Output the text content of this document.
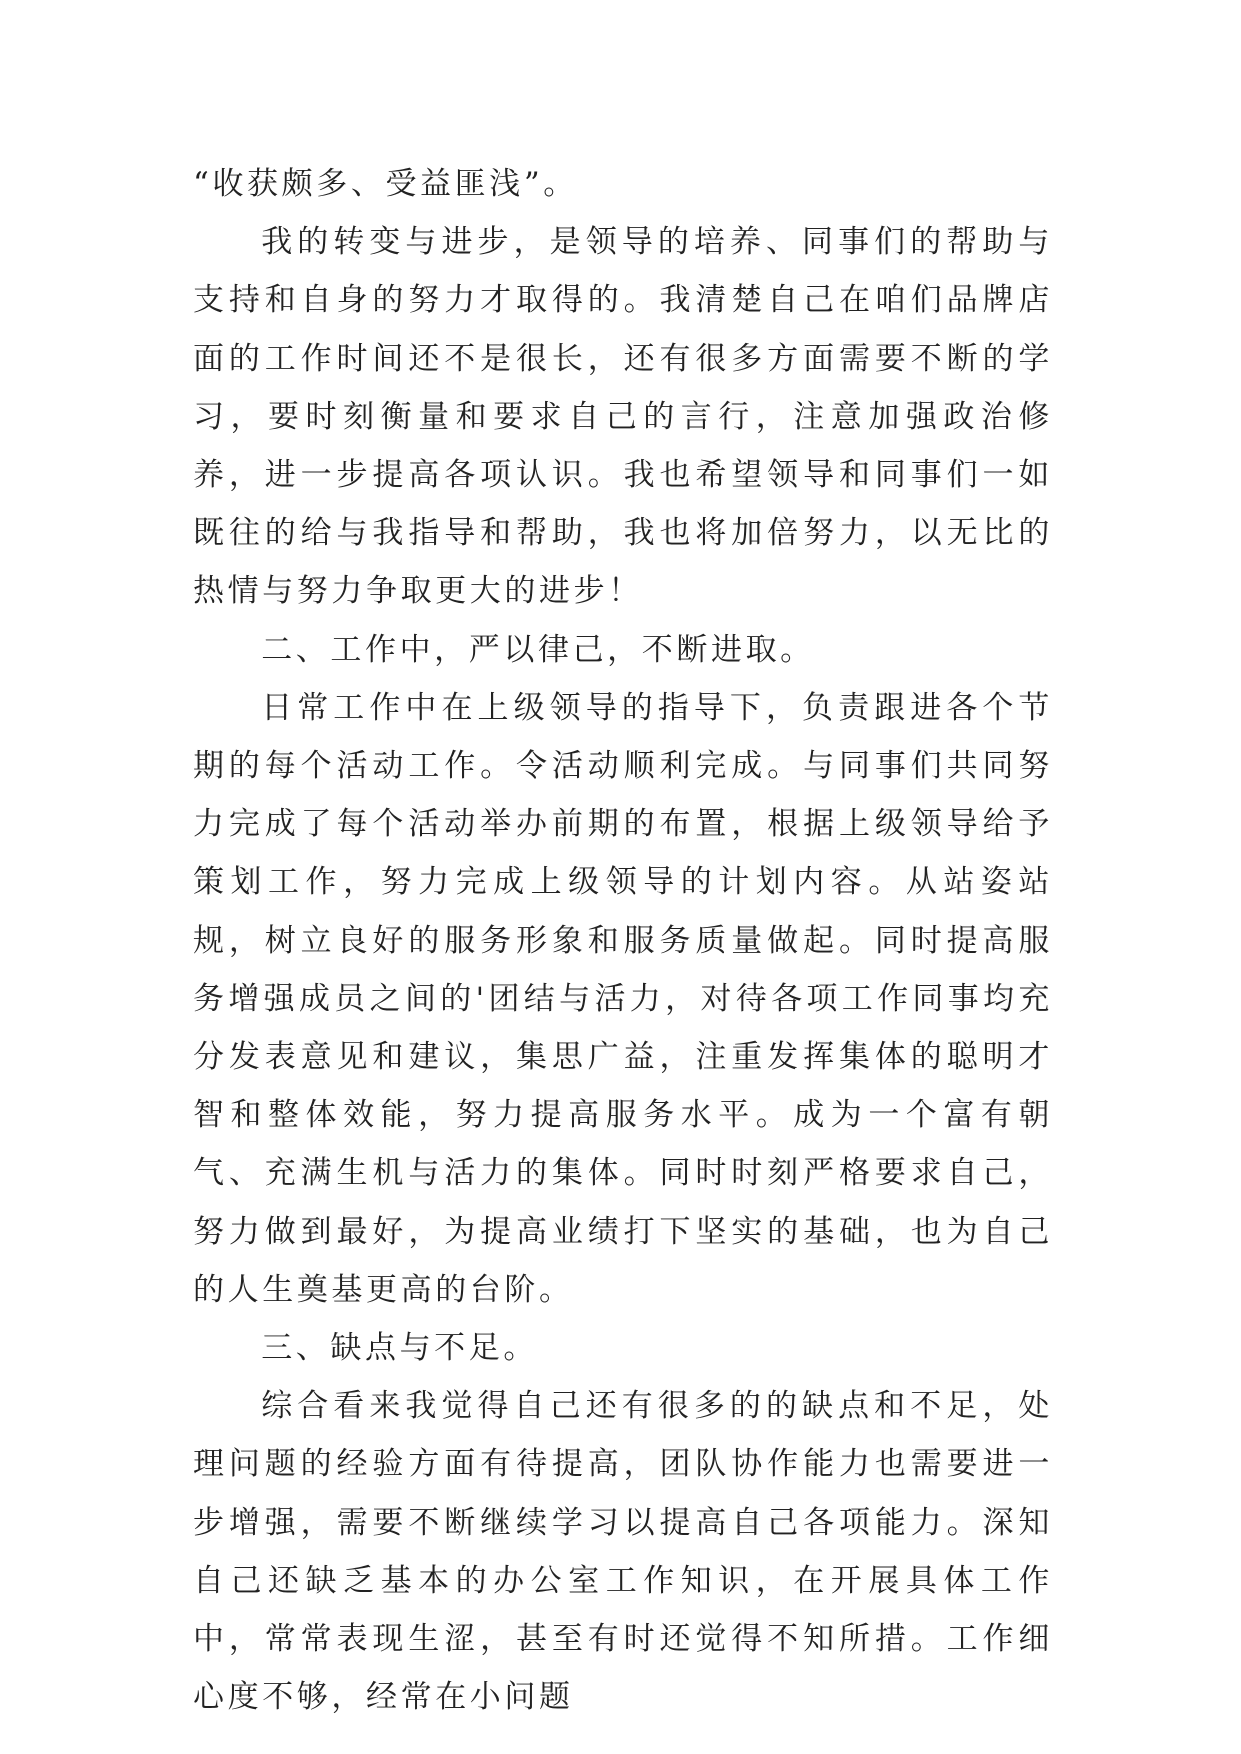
“收获颇多、受益匪浅”。

我的转变与进步，是领导的培养、同事们的帮助与支持和自身的努力才取得的。我清楚自己在咱们品牌店面的工作时间还不是很长，还有很多方面需要不断的学习，要时刻衡量和要求自己的言行，注意加强政治修养，进一步提高各项认识。我也希望领导和同事们一如既往的给与我指导和帮助，我也将加倍努力，以无比的热情与努力争取更大的进步！

二、工作中，严以律己，不断进取。

日常工作中在上级领导的指导下，负责跟进各个节期的每个活动工作。令活动顺利完成。与同事们共同努力完成了每个活动举办前期的布置，根据上级领导给予策划工作，努力完成上级领导的计划内容。从站姿站规，树立良好的服务形象和服务质量做起。同时提高服务增强成员之间的'团结与活力，对待各项工作同事均充分发表意见和建议，集思广益，注重发挥集体的聪明才智和整体效能，努力提高服务水平。成为一个富有朝气、充满生机与活力的集体。同时时刻严格要求自己，努力做到最好，为提高业绩打下坚实的基础，也为自己的人生奠基更高的台阶。

三、缺点与不足。

综合看来我觉得自己还有很多的的缺点和不足，处理问题的经验方面有待提高，团队协作能力也需要进一步增强，需要不断继续学习以提高自己各项能力。深知自己还缺乏基本的办公室工作知识，在开展具体工作中，常常表现生涩，甚至有时还觉得不知所措。工作细心度不够，经常在小问题
